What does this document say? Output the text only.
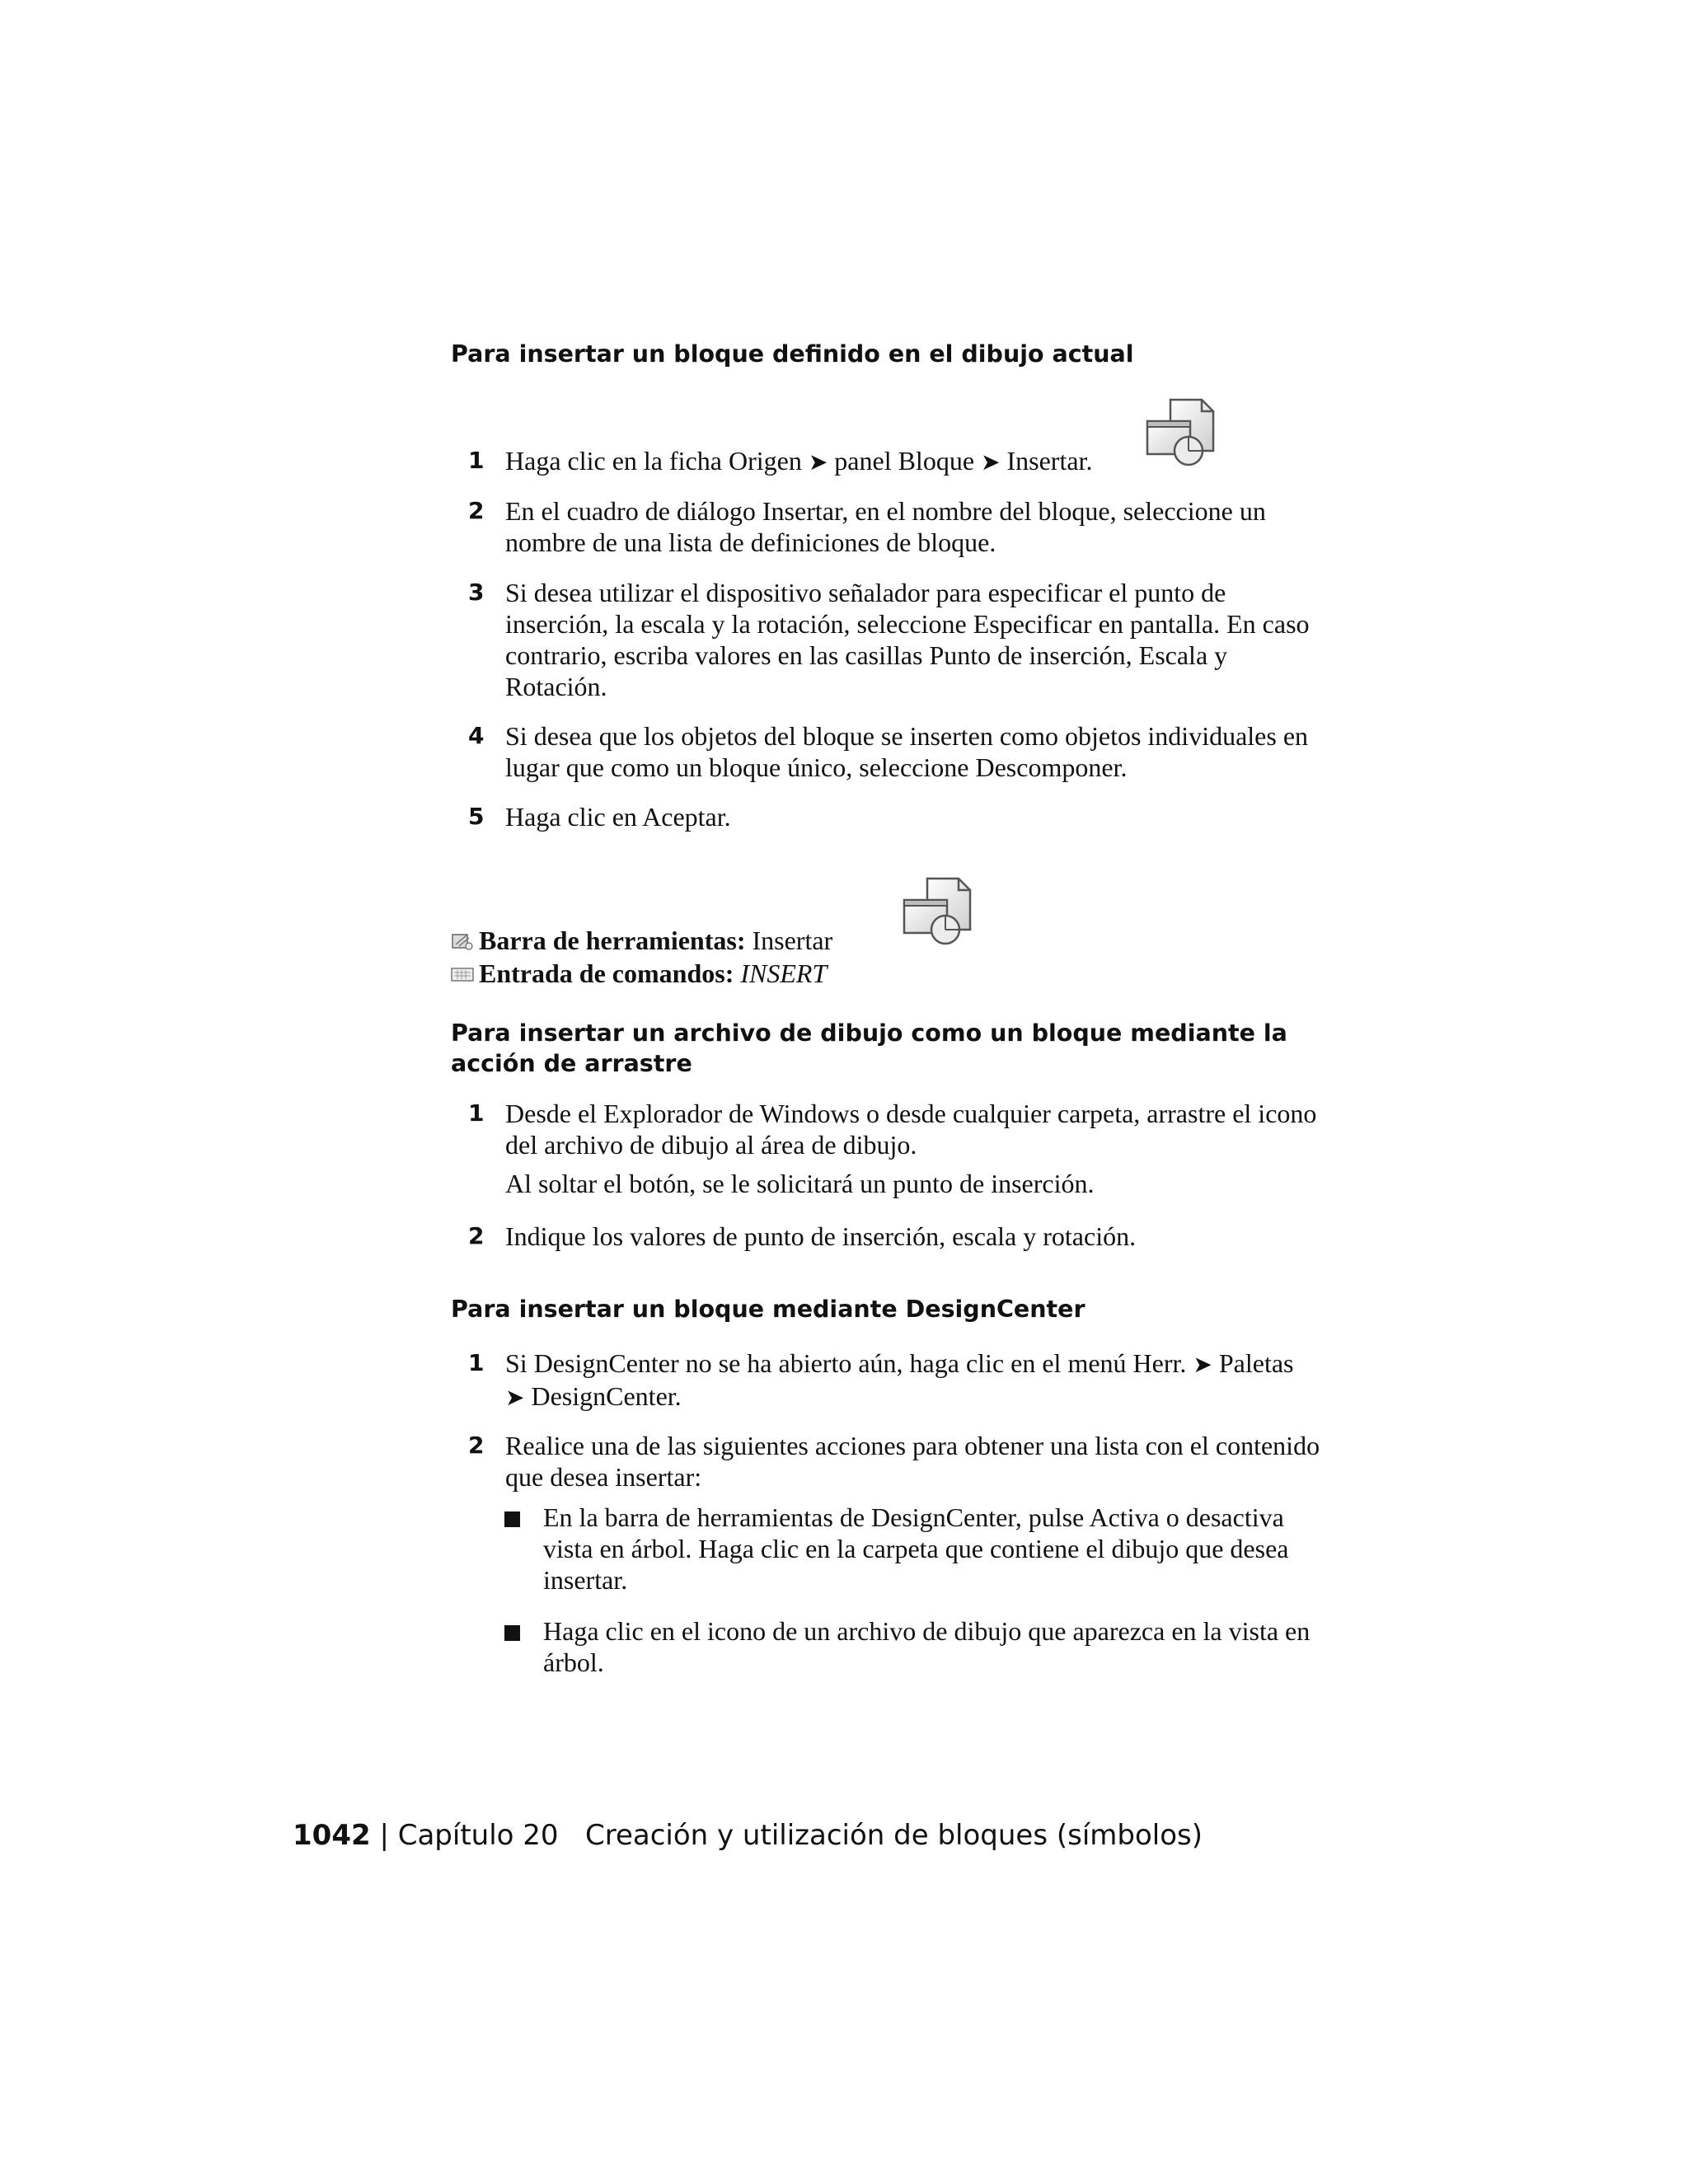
Para insertar un bloque definido en el dibujo actual
1 Haga clic en la ficha Origen ➤ panel Bloque ➤ Insertar.
2 En el cuadro de diálogo Insertar, en el nombre del bloque, seleccione un nombre de una lista de definiciones de bloque.
3 Si desea utilizar el dispositivo señalador para especificar el punto de inserción, la escala y la rotación, seleccione Especificar en pantalla. En caso contrario, escriba valores en las casillas Punto de inserción, Escala y Rotación.
4 Si desea que los objetos del bloque se inserten como objetos individuales en lugar que como un bloque único, seleccione Descomponer.
5 Haga clic en Aceptar.
Barra de herramientas: Insertar
Entrada de comandos: INSERT
Para insertar un archivo de dibujo como un bloque mediante la acción de arrastre
1 Desde el Explorador de Windows o desde cualquier carpeta, arrastre el icono del archivo de dibujo al área de dibujo.
Al soltar el botón, se le solicitará un punto de inserción.
2 Indique los valores de punto de inserción, escala y rotación.
Para insertar un bloque mediante DesignCenter
1 Si DesignCenter no se ha abierto aún, haga clic en el menú Herr. ➤ Paletas ➤ DesignCenter.
2 Realice una de las siguientes acciones para obtener una lista con el contenido que desea insertar:
En la barra de herramientas de DesignCenter, pulse Activa o desactiva vista en árbol. Haga clic en la carpeta que contiene el dibujo que desea insertar.
Haga clic en el icono de un archivo de dibujo que aparezca en la vista en árbol.
1042 | Capítulo 20 Creación y utilización de bloques (símbolos)
